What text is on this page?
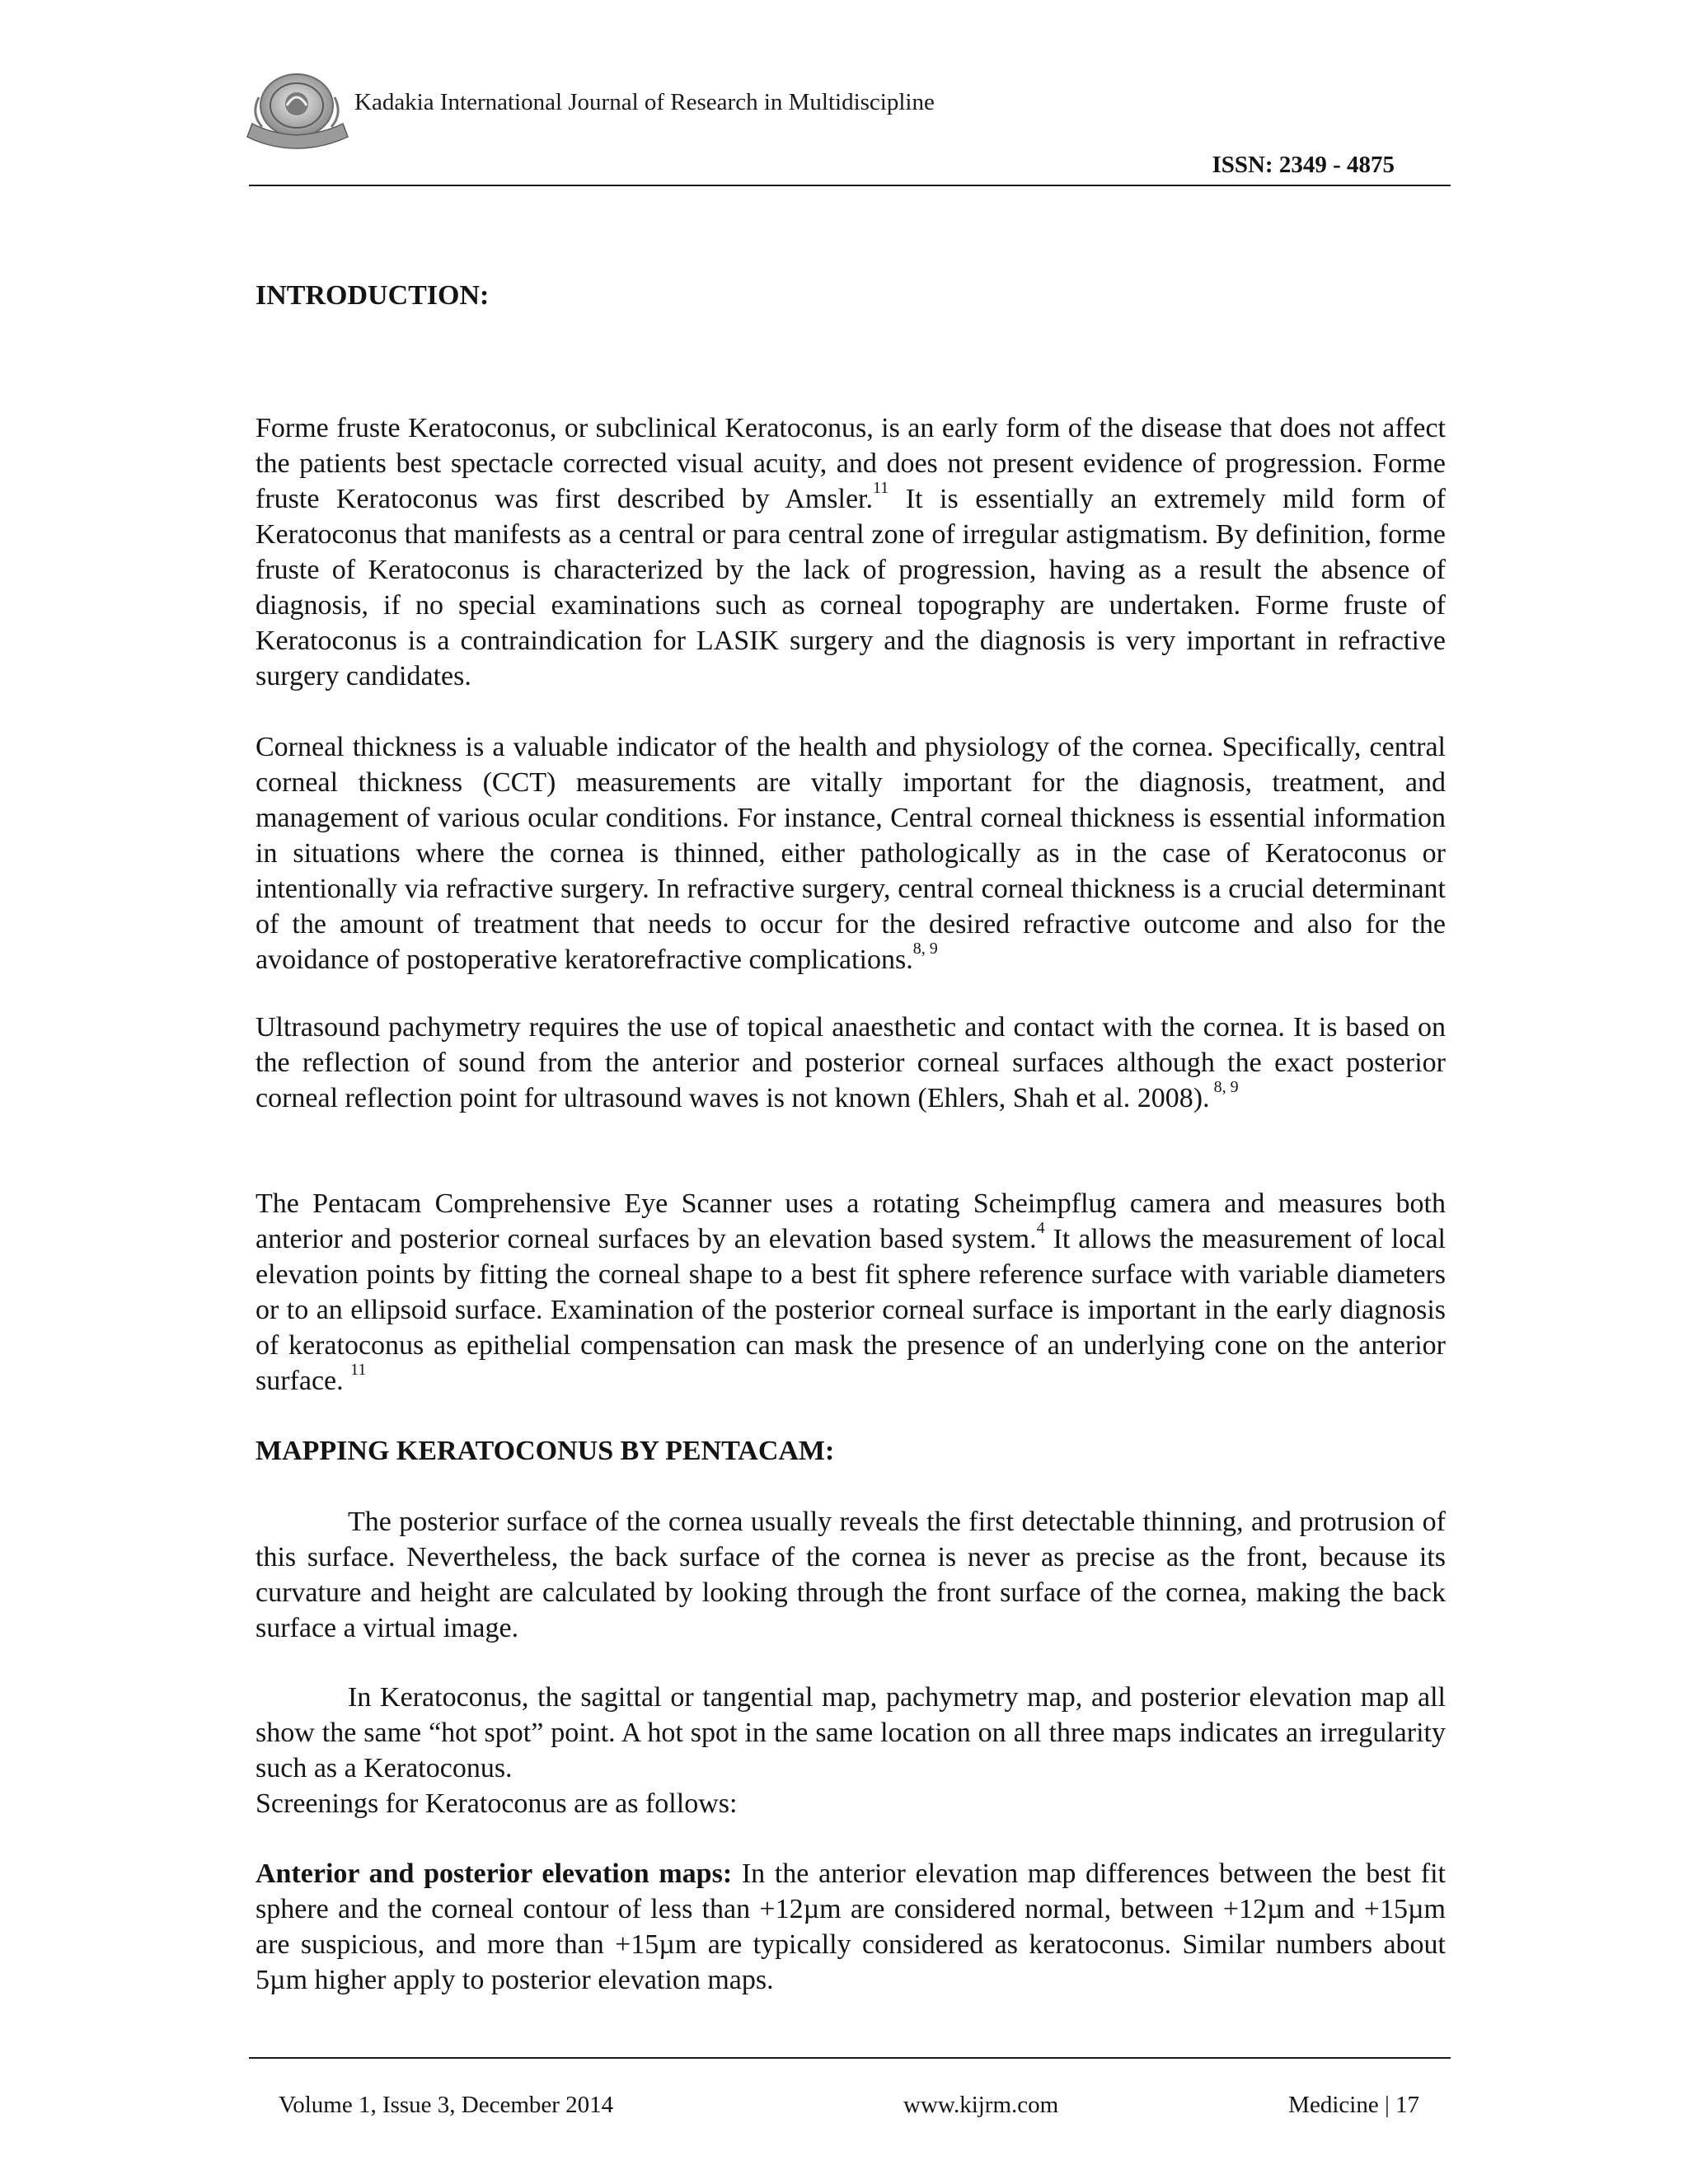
Kadakia International Journal of Research in Multidiscipline
ISSN: 2349 - 4875
INTRODUCTION:

Forme fruste Keratoconus, or subclinical Keratoconus, is an early form of the disease that does not affect the patients best spectacle corrected visual acuity, and does not present evidence of progression. Forme fruste Keratoconus was first described by Amsler.$^{11}$ It is essentially an extremely mild form of Keratoconus that manifests as a central or para central zone of irregular astigmatism. By definition, forme fruste of Keratoconus is characterized by the lack of progression, having as a result the absence of diagnosis, if no special examinations such as corneal topography are undertaken. Forme fruste of Keratoconus is a contraindication for LASIK surgery and the diagnosis is very important in refractive surgery candidates.

Corneal thickness is a valuable indicator of the health and physiology of the cornea. Specifically, central corneal thickness (CCT) measurements are vitally important for the diagnosis, treatment, and management of various ocular conditions. For instance, Central corneal thickness is essential information in situations where the cornea is thinned, either pathologically as in the case of Keratoconus or intentionally via refractive surgery. In refractive surgery, central corneal thickness is a crucial determinant of the amount of treatment that needs to occur for the desired refractive outcome and also for the avoidance of postoperative keratorefractive complications.$^{8, 9}$

Ultrasound pachymetry requires the use of topical anaesthetic and contact with the cornea. It is based on the reflection of sound from the anterior and posterior corneal surfaces although the exact posterior corneal reflection point for ultrasound waves is not known (Ehlers, Shah et al. 2008). $^{8, 9}$

The Pentacam Comprehensive Eye Scanner uses a rotating Scheimpflug camera and measures both anterior and posterior corneal surfaces by an elevation based system.$^4$ It allows the measurement of local elevation points by fitting the corneal shape to a best fit sphere reference surface with variable diameters or to an ellipsoid surface. Examination of the posterior corneal surface is important in the early diagnosis of keratoconus as epithelial compensation can mask the presence of an underlying cone on the anterior surface. $^{11}$

MAPPING KERATOCONUS BY PENTACAM:

The posterior surface of the cornea usually reveals the first detectable thinning, and protrusion of this surface. Nevertheless, the back surface of the cornea is never as precise as the front, because its curvature and height are calculated by looking through the front surface of the cornea, making the back surface a virtual image.

In Keratoconus, the sagittal or tangential map, pachymetry map, and posterior elevation map all show the same “hot spot” point. A hot spot in the same location on all three maps indicates an irregularity such as a Keratoconus.

Screenings for Keratoconus are as follows:

Anterior and posterior elevation maps: In the anterior elevation map differences between the best fit sphere and the corneal contour of less than +12µm are considered normal, between +12µm and +15µm are suspicious, and more than +15µm are typically considered as keratoconus. Similar numbers about 5µm higher apply to posterior elevation maps.

Volume 1, Issue 3, December 2014	www.kijrm.com	Medicine | 17
